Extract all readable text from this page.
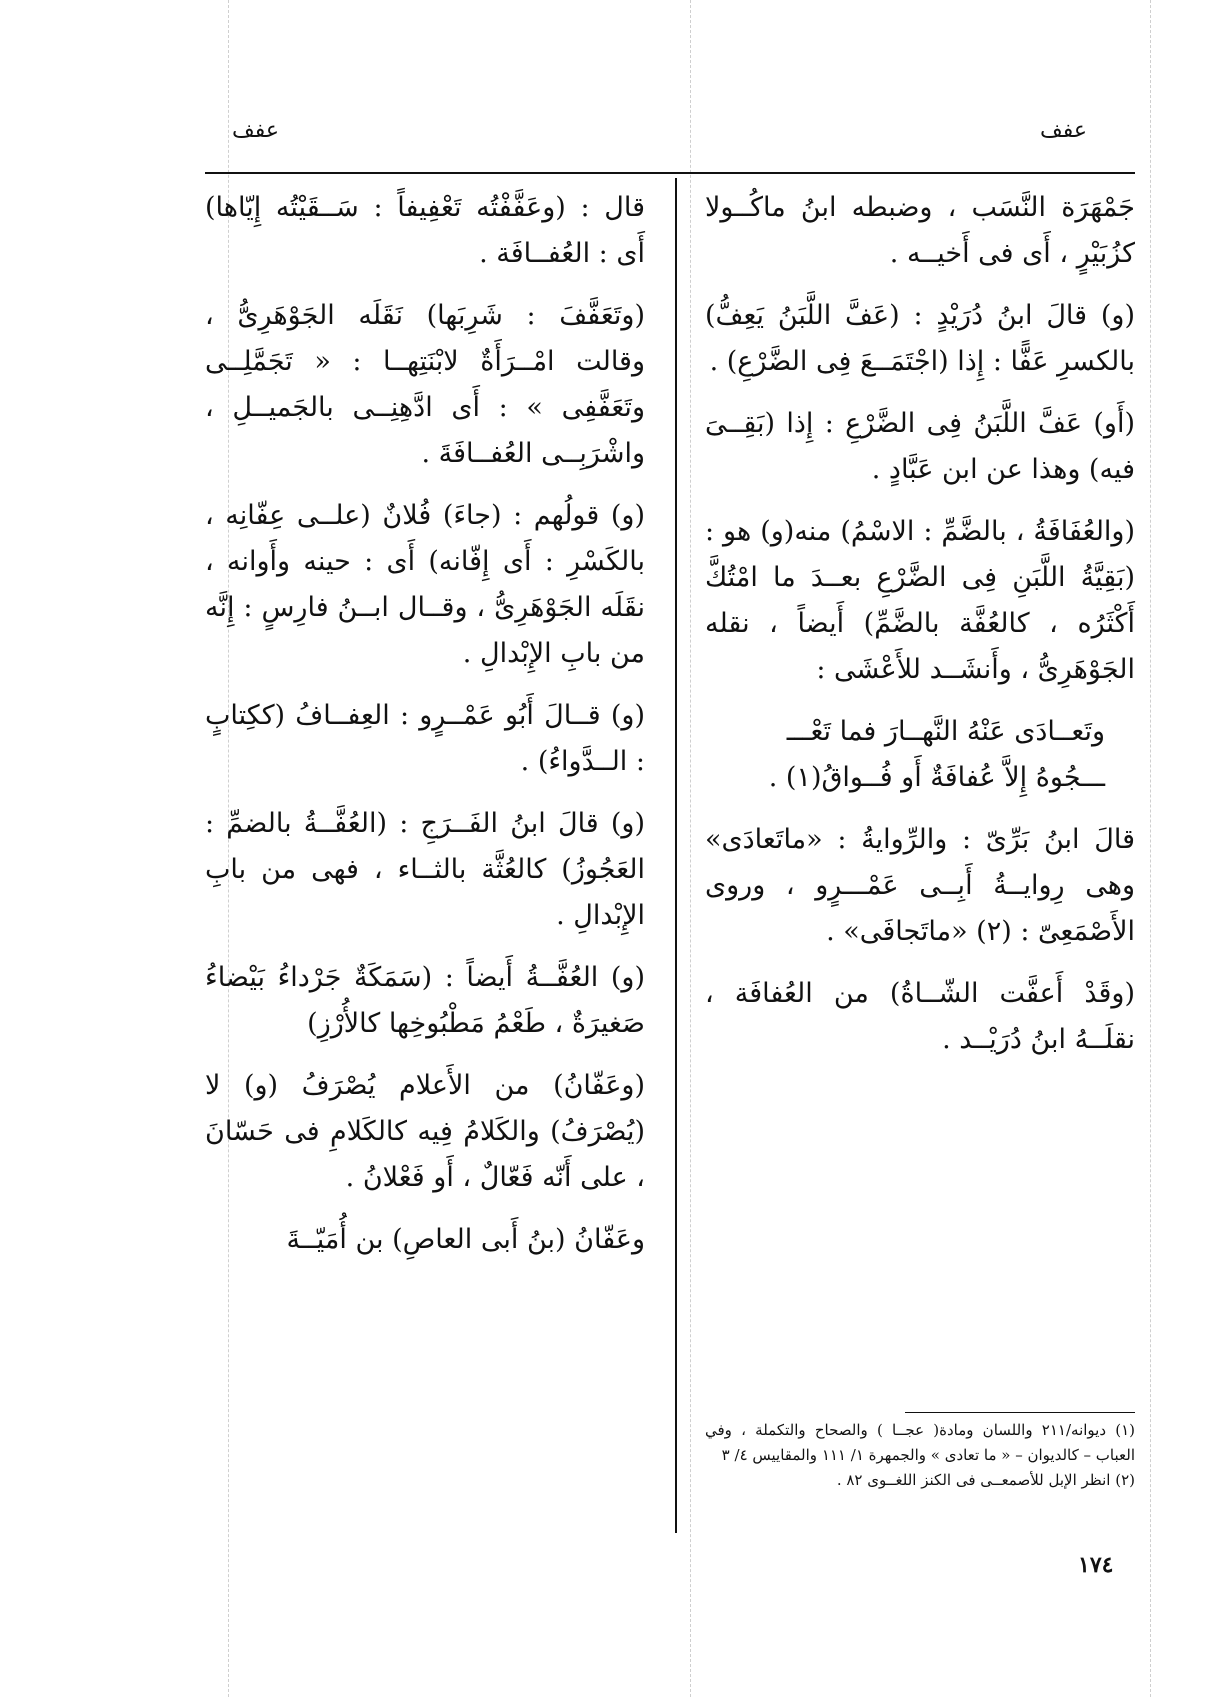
عفف
عفف

جَمْهَرَة النَّسَب ، وضبطه ابنُ ماكُــولا كزُبَيْرٍ ، أَى فى أَخيــه .

(و) قالَ ابنُ دُرَيْدٍ : (عَفَّ اللَّبَنُ يَعِفُّ) بالكسرِ عَفًّا : إِذا (اجْتَمَــعَ فِى الضَّرْعِ) .

(أَو) عَفَّ اللَّبَنُ فِى الضَّرْعِ : إِذا (بَقِــىَ فيه) وهذا عن ابن عَبَّادٍ .

(والعُفَافَةُ ، بالضَّمِّ : الاسْمُ) منه(و) هو : (بَقِيَّةُ اللَّبَنِ فِى الضَّرْعِ بعــدَ ما امْتُكَّ أَكْثَرُه ، كالعُفَّة بالضَّمِّ) أَيضاً ، نقله الجَوْهَرِىُّ ، وأَنشَــد للأَعْشَى :

وتَعــادَى عَنْهُ النَّهــارَ فما تَعْـــ

ـــجُوهُ إِلاَّ عُفافَةٌ أَو فُــواقُ(١) .

قالَ ابنُ بَرِّىّ : والرِّوايةُ : «ماتَعادَى» وهى رِوايــةُ أَبِــى عَمْـــرٍو ، وروى الأَصْمَعِىّ : (٢) «ماتَجافَى» .

(وقَدْ أَعفَّت الشّــاةُ) من العُفافَة ، نقلَــهُ ابنُ دُرَيْــد .

(١) ديوانه/٢١١ واللسان ومادة( عجــا ) والصحاح والتكملة ، وفي العباب – كالديوان – « ما تعادى » والجمهرة ١/ ١١١ والمقاييس ٤/ ٣

(٢) انظر الإبل للأصمعــى فى الكنز اللغــوى ٨٢ .

قال : (وعَفَّفْتُه تَعْفِيفاً : سَــقَيْتُه إِيّاها) أَى : العُفــافَة .

(وتَعَفَّفَ : شَرِبَها) نَقَلَه الجَوْهَرِىُّ ، وقالت امْــرَأَةٌ لابْنَتِهــا : « تَجَمَّلِــى وتَعَفَّفِى » : أَى ادَّهِنِــى بالجَميــلِ ، واشْرَبِــى العُفــافَةَ .

(و) قولُهم : (جاءَ) فُلانٌ (علــى عِفّانِه ، بالكَسْرِ : أَى إِفّانه) أَى : حينه وأَوانه ، نقَلَه الجَوْهَرِىُّ ، وقــال ابــنُ فارِسٍ : إِنَّه من بابِ الإِبْدالِ .

(و) قــالَ أَبُو عَمْــرٍو : العِفــافُ (ككِتابٍ : الــدَّواءُ) .

(و) قالَ ابنُ الفَــرَجِ : (العُفَّــةُ بالضمِّ : العَجُوزُ) كالعُثَّة بالثــاء ، فهى من بابِ الإِبْدالِ .

(و) العُفَّــةُ أَيضاً : (سَمَكَةٌ جَرْداءُ بَيْضاءُ صَغيرَةٌ ، طَعْمُ مَطْبُوخِها كالأُرْزِ)

(وعَفّانُ) من الأَعلام يُصْرَفُ (و) لا (يُصْرَفُ) والكَلامُ فِيه كالكَلامِ فى حَسّانَ ، على أَنّه فَعّالٌ ، أَو فَعْلانُ .

وعَفّانُ (بنُ أَبى العاصِ) بن أُمَيّــةَ

١٧٤
